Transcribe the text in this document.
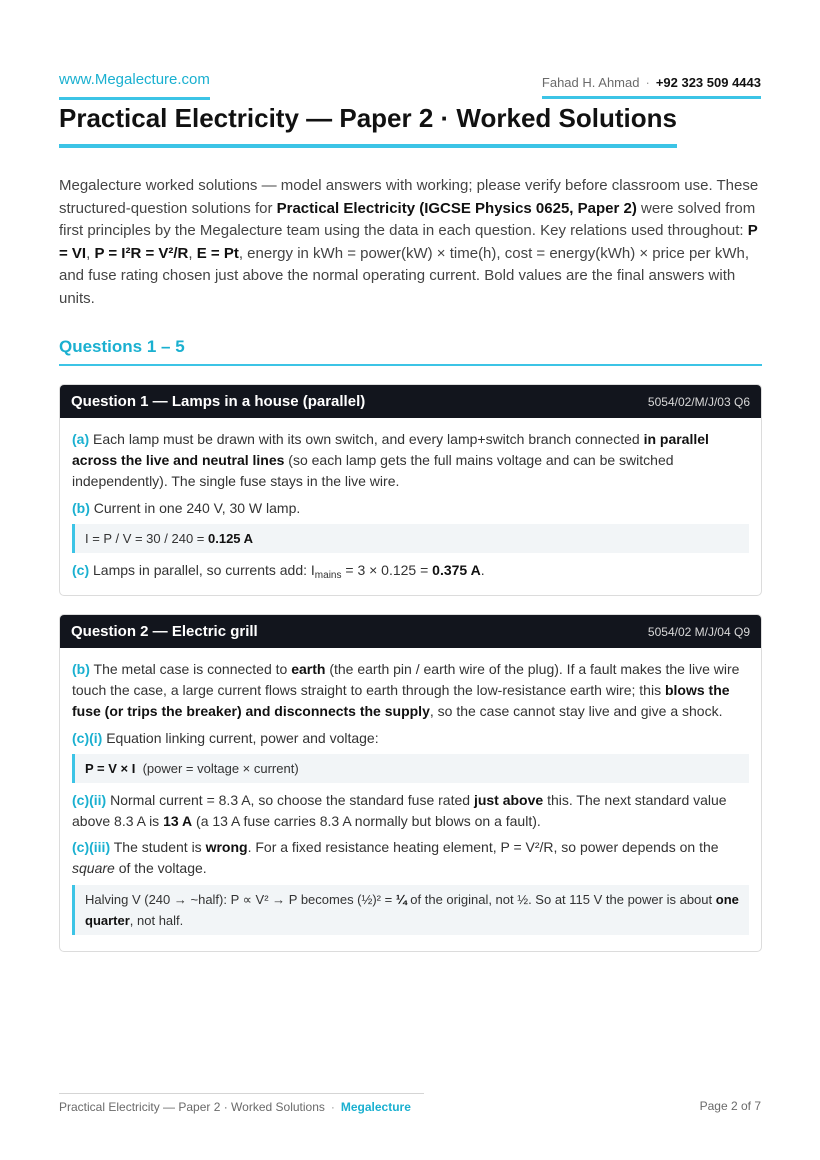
www.Megalecture.com	Fahad H. Ahmad · +92 323 509 4443
Practical Electricity — Paper 2 · Worked Solutions

Megalecture worked solutions — model answers with working; please verify before classroom use. These structured-question solutions for Practical Electricity (IGCSE Physics 0625, Paper 2) were solved from first principles by the Megalecture team using the data in each question. Key relations used throughout: P = VI, P = I²R = V²/R, E = Pt, energy in kWh = power(kW) × time(h), cost = energy(kWh) × price per kWh, and fuse rating chosen just above the normal operating current. Bold values are the final answers with units.

Questions 1 – 5
Question 1 — Lamps in a house (parallel)	5054/02/M/J/03 Q6

(a) Each lamp must be drawn with its own switch, and every lamp+switch branch connected in parallel across the live and neutral lines (so each lamp gets the full mains voltage and can be switched independently). The single fuse stays in the live wire.

(b) Current in one 240 V, 30 W lamp.

I = P / V = 30 / 240 = 0.125 A

(c) Lamps in parallel, so currents add: $I_{mains} = 3 \times 0.125 = 0.375$ A.

Question 2 — Electric grill	5054/02 M/J/04 Q9

(b) The metal case is connected to earth (the earth pin / earth wire of the plug). If a fault makes the live wire touch the case, a large current flows straight to earth through the low-resistance earth wire; this blows the fuse (or trips the breaker) and disconnects the supply, so the case cannot stay live and give a shock.

(c)(i) Equation linking current, power and voltage:

P = V × I  (power = voltage × current)

(c)(ii) Normal current = 8.3 A, so choose the standard fuse rated just above this. The next standard value above 8.3 A is 13 A (a 13 A fuse carries 8.3 A normally but blows on a fault).

(c)(iii) The student is wrong. For a fixed resistance heating element, P = V²/R, so power depends on the square of the voltage.

Halving V (240 → ~half): P ∝ V² → P becomes (½)² = ¼ of the original, not ½. So at 115 V the power is about one quarter, not half.
Practical Electricity — Paper 2 · Worked Solutions · Megalecture	Page 2 of 7
